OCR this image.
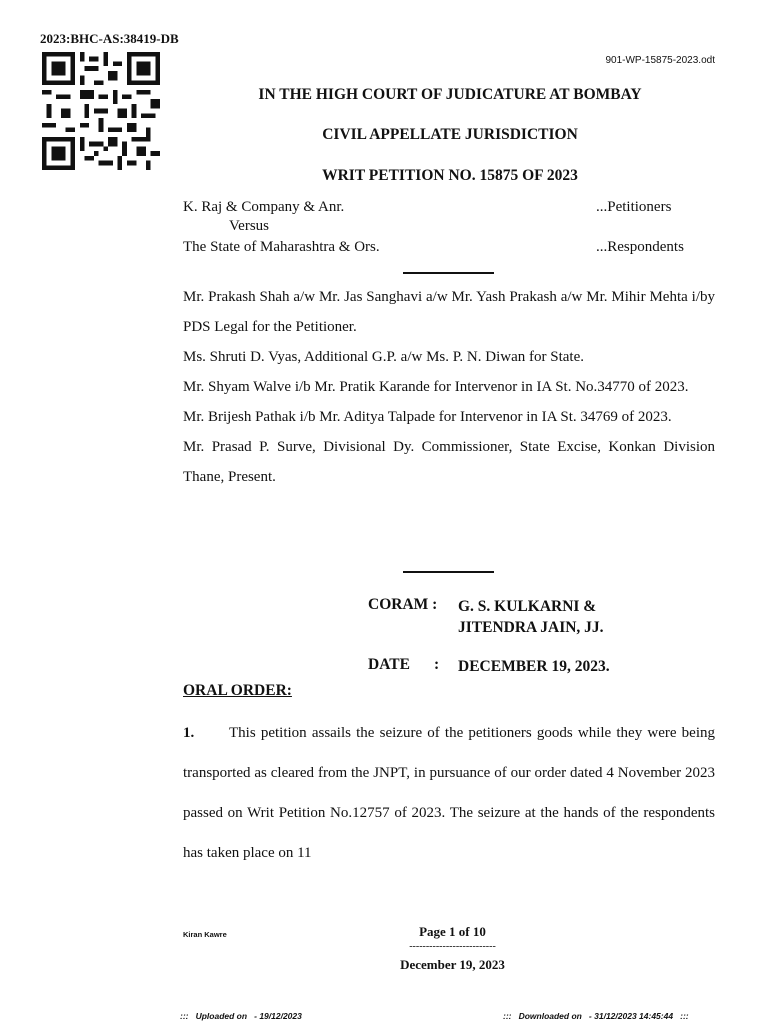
2023:BHC-AS:38419-DB
901-WP-15875-2023.odt
IN THE HIGH COURT OF JUDICATURE AT BOMBAY
CIVIL APPELLATE JURISDICTION
WRIT PETITION NO. 15875 OF 2023
K. Raj & Company & Anr.	...Petitioners
Versus
The State of Maharashtra & Ors.	...Respondents

Mr. Prakash Shah a/w Mr. Jas Sanghavi a/w Mr. Yash Prakash a/w Mr. Mihir Mehta i/by PDS Legal for the Petitioner.

Ms. Shruti D. Vyas, Additional G.P. a/w Ms. P. N. Diwan for State.

Mr. Shyam Walve i/b Mr. Pratik Karande for Intervenor in IA St. No.34770 of 2023.

Mr. Brijesh Pathak i/b Mr. Aditya Talpade for Intervenor in IA St. 34769 of 2023.

Mr. Prasad P. Surve, Divisional Dy. Commissioner, State Excise, Konkan Division Thane, Present.

CORAM : G. S. KULKARNI &
JITENDRA JAIN, JJ.
DATE : DECEMBER 19, 2023.
ORAL ORDER:

1. This petition assails the seizure of the petitioners goods while they were being transported as cleared from the JNPT, in pursuance of our order dated 4 November 2023 passed on Writ Petition No.12757 of 2023. The seizure at the hands of the respondents has taken place on 11

Kiran Kawre	Page 1 of 10
--------------------------
December 19, 2023
:::   Uploaded on   - 19/12/2023	:::   Downloaded on   - 31/12/2023 14:45:44   :::
